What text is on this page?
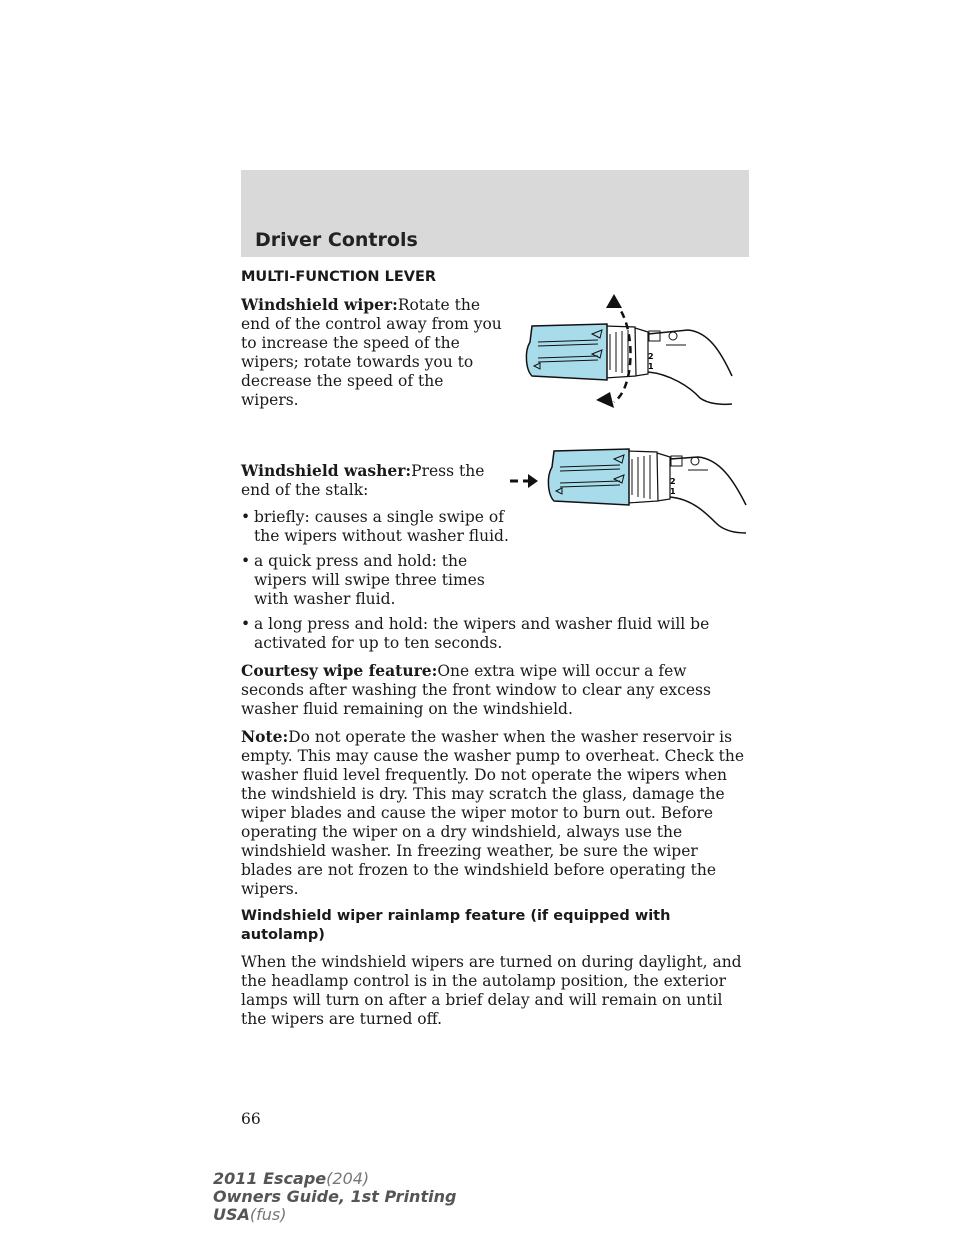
Driver Controls
MULTI-FUNCTION LEVER

Windshield wiper:Rotate the end of the control away from you to increase the speed of the wipers; rotate towards you to decrease the speed of the wipers.

Windshield washer:Press the end of the stalk:

• briefly: causes a single swipe of the wipers without washer fluid.
• a quick press and hold: the wipers will swipe three times with washer fluid.
• a long press and hold: the wipers and washer fluid will be activated for up to ten seconds.

Courtesy wipe feature:One extra wipe will occur a few seconds after washing the front window to clear any excess washer fluid remaining on the windshield.

Note:Do not operate the washer when the washer reservoir is empty. This may cause the washer pump to overheat. Check the washer fluid level frequently. Do not operate the wipers when the windshield is dry. This may scratch the glass, damage the wiper blades and cause the wiper motor to burn out. Before operating the wiper on a dry windshield, always use the windshield washer. In freezing weather, be sure the wiper blades are not frozen to the windshield before operating the wipers.

Windshield wiper rainlamp feature (if equipped with autolamp)

When the windshield wipers are turned on during daylight, and the headlamp control is in the autolamp position, the exterior lamps will turn on after a brief delay and will remain on until the wipers are turned off.

2
1
2
1
66
2011 Escape(204)
Owners Guide, 1st Printing
USA(fus)
